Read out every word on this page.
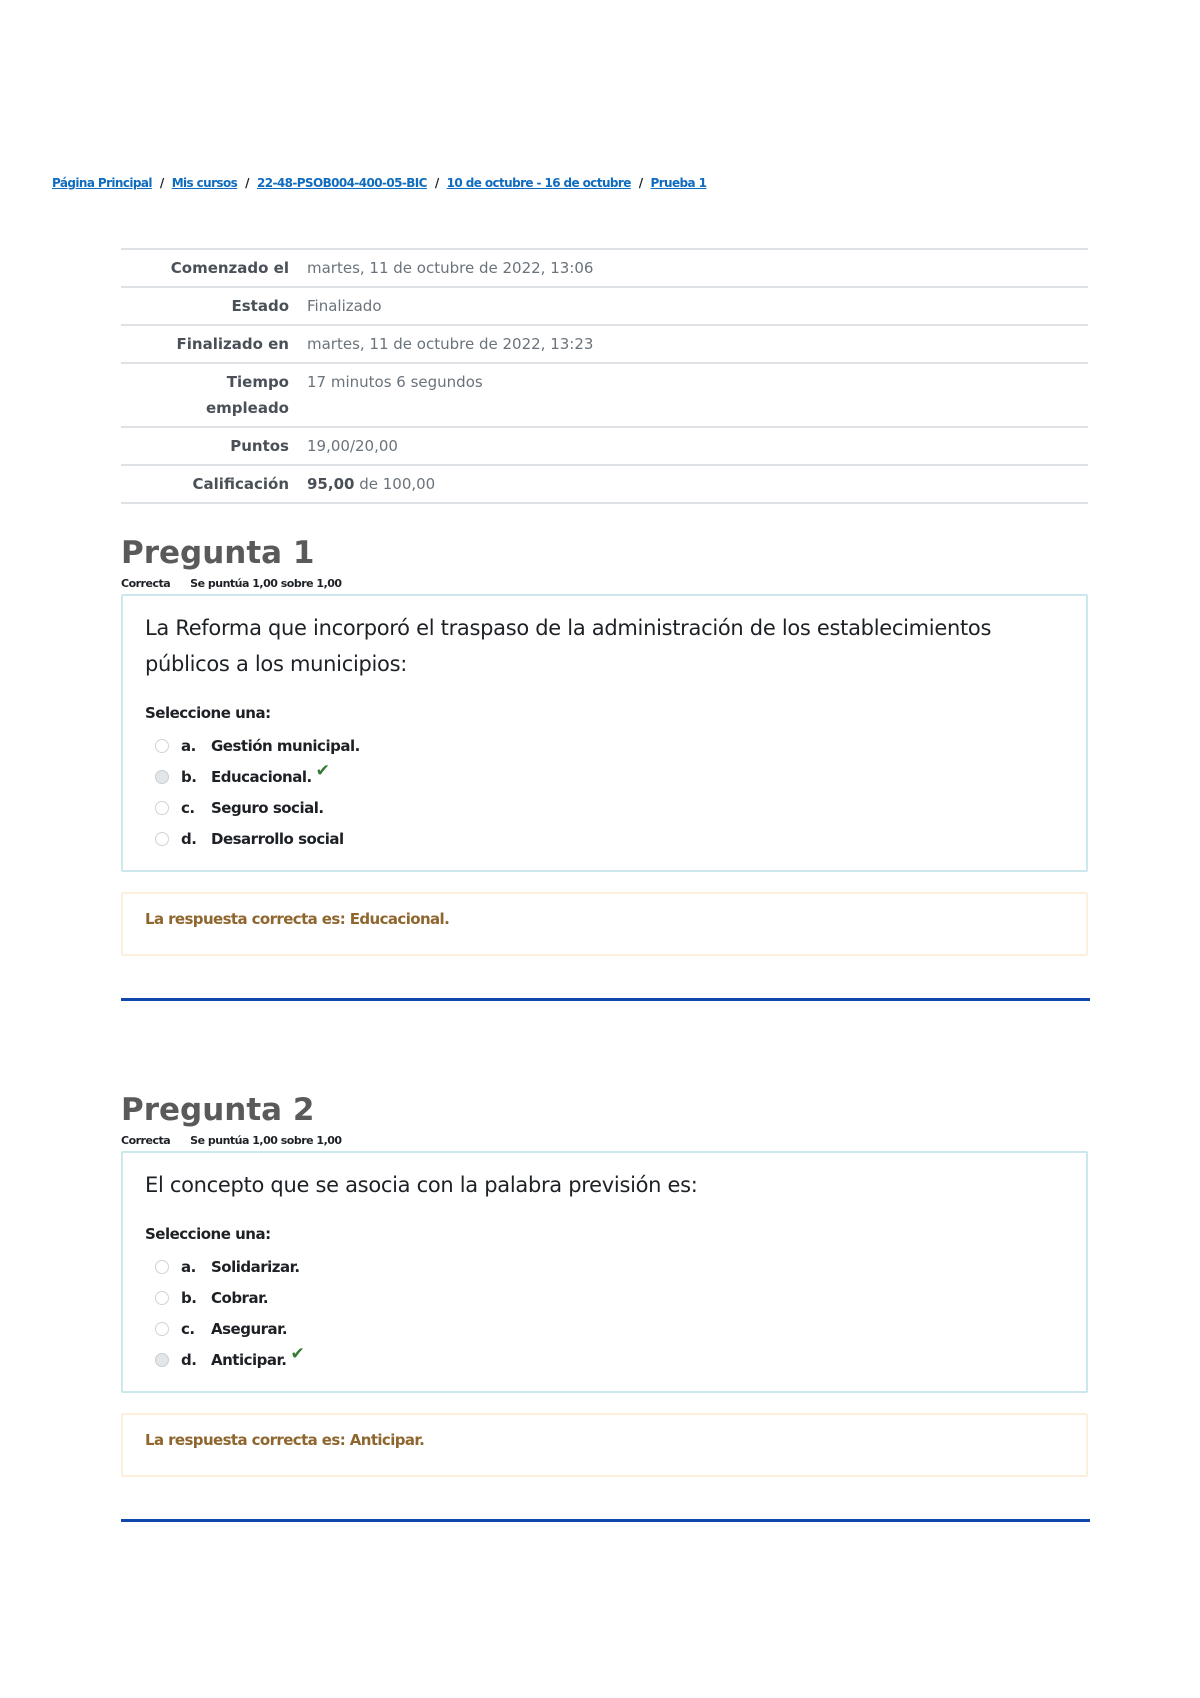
Página Principal / Mis cursos / 22-48-PSOB004-400-05-BIC / 10 de octubre - 16 de octubre / Prueba 1
Comenzado el	martes, 11 de octubre de 2022, 13:06
Estado	Finalizado
Finalizado en	martes, 11 de octubre de 2022, 13:23
Tiempo
empleado	17 minutos 6 segundos
Puntos	19,00/20,00
Calificación	95,00 de 100,00
Pregunta 1
Correcta Se puntúa 1,00 sobre 1,00
La Reforma que incorporó el traspaso de la administración de los establecimientos públicos a los municipios:
Seleccione una:
a.	Gestión municipal.
b. Educacional. ✔
c.	Seguro social.
d. Desarrollo social
La respuesta correcta es: Educacional.
Pregunta 2
Correcta Se puntúa 1,00 sobre 1,00
El concepto que se asocia con la palabra previsión es:
Seleccione una:
a.	Solidarizar.
b. Cobrar.
c.	Asegurar.
d. Anticipar. ✔
La respuesta correcta es: Anticipar.
